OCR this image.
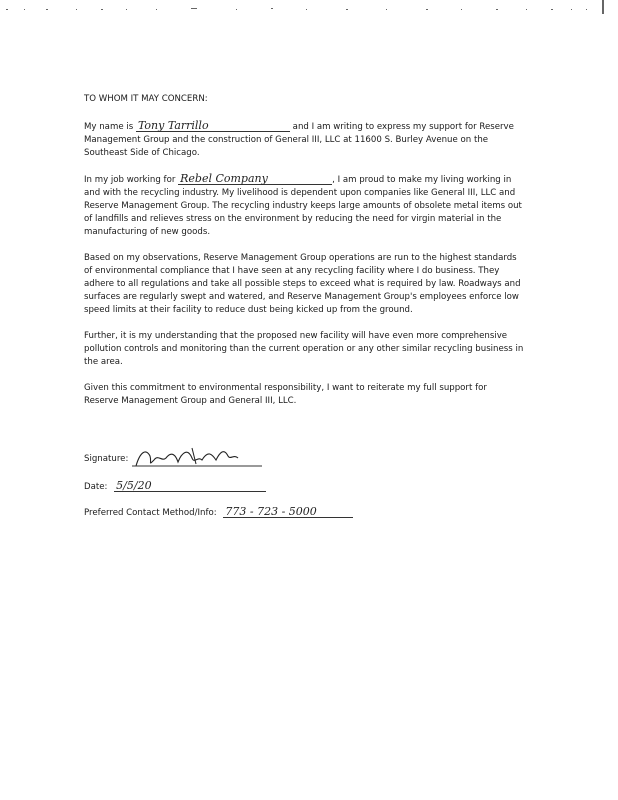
TO WHOM IT MAY CONCERN:

My name is Tony Tarrillo	and I am writing to express my support for Reserve Management Group and the construction of General III, LLC at 11600 S. Burley Avenue on the Southeast Side of Chicago.

In my job working for Rebel Company	, I am proud to make my living working in and with the recycling industry. My livelihood is dependent upon companies like General III, LLC and Reserve Management Group. The recycling industry keeps large amounts of obsolete metal items out of landfills and relieves stress on the environment by reducing the need for virgin material in the manufacturing of new goods.

Based on my observations, Reserve Management Group operations are run to the highest standards of environmental compliance that I have seen at any recycling facility where I do business. They adhere to all regulations and take all possible steps to exceed what is required by law. Roadways and surfaces are regularly swept and watered, and Reserve Management Group's employees enforce low speed limits at their facility to reduce dust being kicked up from the ground.

Further, it is my understanding that the proposed new facility will have even more comprehensive pollution controls and monitoring than the current operation or any other similar recycling business in the area.

Given this commitment to environmental responsibility, I want to reiterate my full support for Reserve Management Group and General III, LLC.

Signature:
Date: 5/5/20
Preferred Contact Method/Info: 773 - 723 - 5000
